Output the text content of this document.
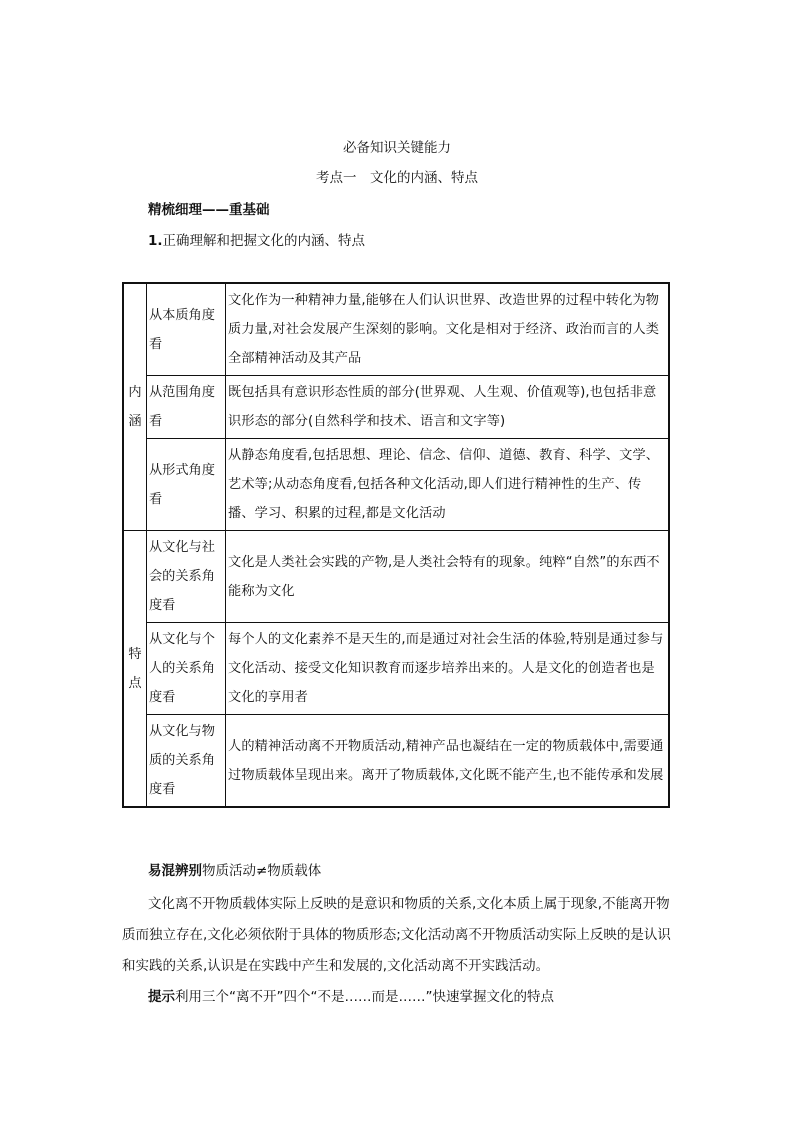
必备知识关键能力
考点一　文化的内涵、特点
精梳细理——重基础
1.正确理解和把握文化的内涵、特点
内涵	从本质角度看	文化作为一种精神力量,能够在人们认识世界、改造世界的过程中转化为物质力量,对社会发展产生深刻的影响。文化是相对于经济、政治而言的人类全部精神活动及其产品
	从范围角度看	既包括具有意识形态性质的部分(世界观、人生观、价值观等),也包括非意识形态的部分(自然科学和技术、语言和文字等)
	从形式角度看	从静态角度看,包括思想、理论、信念、信仰、道德、教育、科学、文学、艺术等;从动态角度看,包括各种文化活动,即人们进行精神性的生产、传播、学习、积累的过程,都是文化活动
特点	从文化与社会的关系角度看	文化是人类社会实践的产物,是人类社会特有的现象。纯粹“自然”的东西不能称为文化
	从文化与个人的关系角度看	每个人的文化素养不是天生的,而是通过对社会生活的体验,特别是通过参与文化活动、接受文化知识教育而逐步培养出来的。人是文化的创造者也是文化的享用者
	从文化与物质的关系角度看	人的精神活动离不开物质活动,精神产品也凝结在一定的物质载体中,需要通过物质载体呈现出来。离开了物质载体,文化既不能产生,也不能传承和发展
易混辨别物质活动≠物质载体
文化离不开物质载体实际上反映的是意识和物质的关系,文化本质上属于现象,不能离开物质而独立存在,文化必须依附于具体的物质形态;文化活动离不开物质活动实际上反映的是认识和实践的关系,认识是在实践中产生和发展的,文化活动离不开实践活动。
提示利用三个“离不开”四个“不是……而是……”快速掌握文化的特点
